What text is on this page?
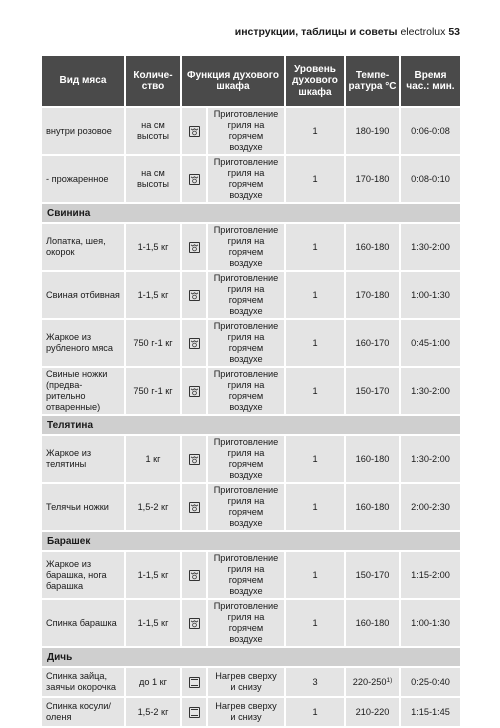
инструкции, таблицы и советы electrolux 53
Вид мяса	Количе-ство	Функция духового шкафа		Уровень духового шкафа	Темпе-ратура °C	Время час.: мин.
внутри розовое	на см высоты		Приготовление гриля на горячем воздухе	1	180-190	0:06-0:08
- прожаренное	на см высоты		Приготовление гриля на горячем воздухе	1	170-180	0:08-0:10
Свинина						
Лопатка, шея, окорок	1-1,5 кг		Приготовление гриля на горячем воздухе	1	160-180	1:30-2:00
Свиная отбивная	1-1,5 кг		Приготовление гриля на горячем воздухе	1	170-180	1:00-1:30
Жаркое из рубленого мяса	750 г-1 кг		Приготовление гриля на горячем воздухе	1	160-170	0:45-1:00
Свиные ножки (предва-рительно отваренные)	750 г-1 кг		Приготовление гриля на горячем воздухе	1	150-170	1:30-2:00
Телятина						
Жаркое из телятины	1 кг		Приготовление гриля на горячем воздухе	1	160-180	1:30-2:00
Телячьи ножки	1,5-2 кг		Приготовление гриля на горячем воздухе	1	160-180	2:00-2:30
Барашек						
Жаркое из барашка, нога барашка	1-1,5 кг		Приготовление гриля на горячем воздухе	1	150-170	1:15-2:00
Спинка барашка	1-1,5 кг		Приготовление гриля на горячем воздухе	1	160-180	1:00-1:30
Дичь						
Спинка зайца, заячьи окорочка	до 1 кг		Нагрев сверху и снизу	3	220-250$^{1)}$	0:25-0:40
Спинка косули/ оленя	1,5-2 кг		Нагрев сверху и снизу	1	210-220	1:15-1:45
